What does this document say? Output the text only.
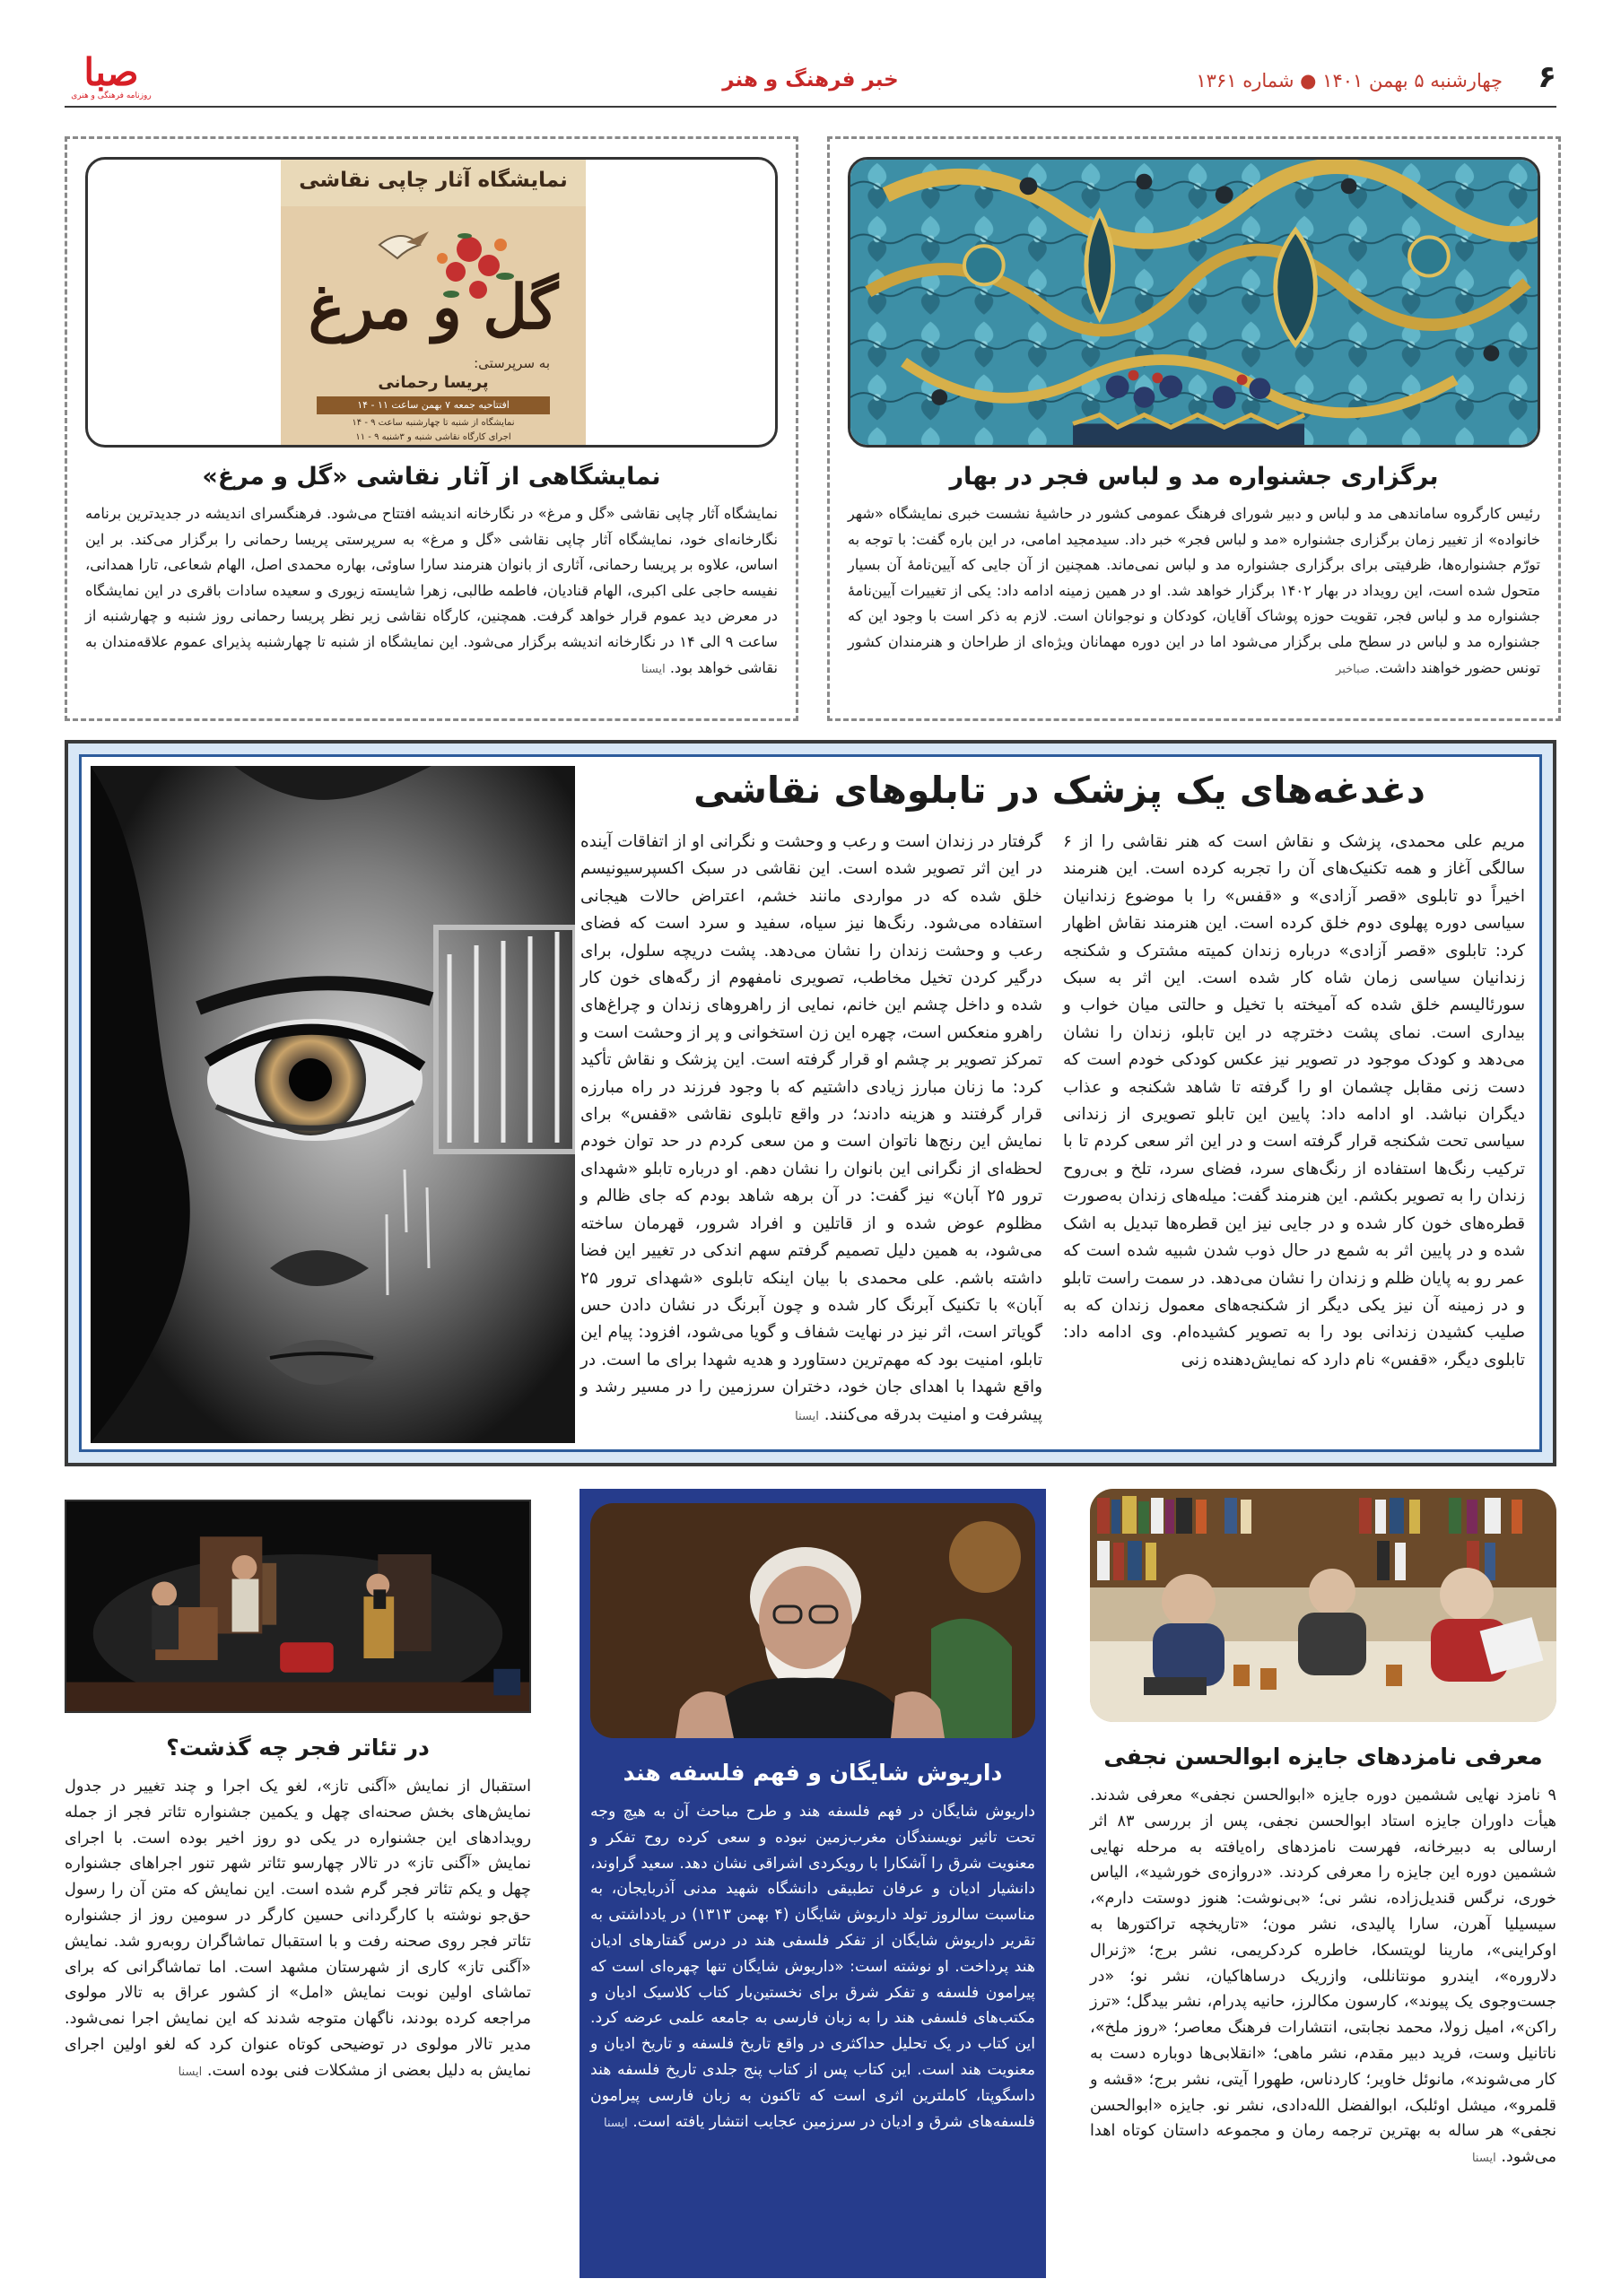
۶
چهارشنبه ۵ بهمن ۱۴۰۱ ● شماره ۱۳۶۱
خبر فرهنگ و هنر
صبا
روزنامه فرهنگی و هنری
برگزاری جشنواره مد و لباس فجر در بهار
رئیس کارگروه ساماندهی مد و لباس و دبیر شورای فرهنگ عمومی کشور در حاشیهٔ نشست خبری نمایشگاه «شهر خانواده» از تغییر زمان برگزاری جشنواره «مد و لباس فجر» خبر داد. سیدمجید امامی، در این باره گفت: با توجه به تورّم جشنواره‌ها، ظرفیتی برای برگزاری جشنواره مد و لباس نمی‌ماند. همچنین از آن جایی که آیین‌نامهٔ آن بسیار متحول شده است، این رویداد در بهار ۱۴۰۲ برگزار خواهد شد. او در همین زمینه ادامه داد: یکی از تغییرات آیین‌نامهٔ جشنواره مد و لباس فجر، تقویت حوزه پوشاک آقایان، کودکان و نوجوانان است. لازم به ذکر است با وجود این که جشنواره مد و لباس در سطح ملی برگزار می‌شود اما در این دوره مهمانان ویژه‌ای از طراحان و هنرمندان کشور تونس حضور خواهند داشت. صباخبر
نمایشگاه آثار چاپی نقاشی
گل و مرغ
به سرپرستی:
پریسا رحمانی
افتتاحیه جمعه ۷ بهمن ساعت ۱۱ - ۱۴
نمایشگاه از شنبه تا چهارشنبه ساعت ۹ - ۱۴
اجرای کارگاه نقاشی شنبه و ۳شنبه ۹ - ۱۱
نمایشگاهی از آثار نقاشی «گل و مرغ»
نمایشگاه آثار چاپی نقاشی «گل و مرغ» در نگارخانه اندیشه افتتاح می‌شود. فرهنگسرای اندیشه در جدیدترین برنامه نگارخانه‌ای خود، نمایشگاه آثار چاپی نقاشی «گل و مرغ» به سرپرستی پریسا رحمانی را برگزار می‌کند. بر این اساس، علاوه بر پریسا رحمانی، آثاری از بانوان هنرمند سارا ساوئی، بهاره محمدی اصل، الهام شعاعی، تارا همدانی، نفیسه حاجی علی اکبری، الهام قنادیان، فاطمه طالبی، زهرا شایسته زیوری و سعیده سادات باقری در این نمایشگاه در معرض دید عموم قرار خواهد گرفت. همچنین، کارگاه نقاشی زیر نظر پریسا رحمانی روز شنبه و چهارشنبه از ساعت ۹ الی ۱۴ در نگارخانه اندیشه برگزار می‌شود. این نمایشگاه از شنبه تا چهارشنبه پذیرای عموم علاقه‌مندان به نقاشی خواهد بود. ایسنا
دغدغه‌های یک پزشک در تابلوهای نقاشی
مریم علی محمدی، پزشک و نقاش است که هنر نقاشی را از ۶ سالگی آغاز و همه تکنیک‌های آن را تجربه کرده است. این هنرمند اخیراً دو تابلوی «قصر آزادی» و «قفس» را با موضوع زندانیان سیاسی دوره پهلوی دوم خلق کرده است. این هنرمند نقاش اظهار کرد: تابلوی «قصر آزادی» درباره زندان کمیته مشترک و شکنجه زندانیان سیاسی زمان شاه کار شده است. این اثر به سبک سورئالیسم خلق شده که آمیخته با تخیل و حالتی میان خواب و بیداری است. نمای پشت دخترچه در این تابلو، زندان را نشان می‌دهد و کودک موجود در تصویر نیز عکس کودکی خودم است که دست زنی مقابل چشمان او را گرفته تا شاهد شکنجه و عذاب دیگران نباشد. او ادامه داد: پایین این تابلو تصویری از زندانی سیاسی تحت شکنجه قرار گرفته است و در این اثر سعی کردم تا با ترکیب رنگ‌ها استفاده از رنگ‌های سرد، فضای سرد، تلخ و بی‌روح زندان را به تصویر بکشم. این هنرمند گفت: میله‌های زندان به‌صورت قطره‌های خون کار شده و در جایی نیز این قطره‌ها تبدیل به اشک شده و در پایین اثر به شمع در حال ذوب شدن شبیه شده است که عمر رو به پایان ظلم و زندان را نشان می‌دهد. در سمت راست تابلو و در زمینه آن نیز یکی دیگر از شکنجه‌های معمول زندان که به صلیب کشیدن زندانی بود را به تصویر کشیده‌ام. وی ادامه داد: تابلوی دیگر، «قفس» نام دارد که نمایش‌دهنده زنی
گرفتار در زندان است و رعب و وحشت و نگرانی او از اتفاقات آینده در این اثر تصویر شده است. این نقاشی در سبک اکسپرسیونیسم خلق شده که در مواردی مانند خشم، اعتراض حالات هیجانی استفاده می‌شود. رنگ‌ها نیز سیاه، سفید و سرد است که فضای رعب و وحشت زندان را نشان می‌دهد. پشت دریچه سلول، برای درگیر کردن تخیل مخاطب، تصویری نامفهوم از رگه‌های خون کار شده و داخل چشم این خانم، نمایی از راهروهای زندان و چراغ‌های راهرو منعکس است، چهره این زن استخوانی و پر از وحشت است و تمرکز تصویر بر چشم او قرار گرفته است. این پزشک و نقاش تأکید کرد: ما زنان مبارز زیادی داشتیم که با وجود فرزند در راه مبارزه قرار گرفتند و هزینه دادند؛ در واقع تابلوی نقاشی «قفس» برای نمایش این رنج‌ها ناتوان است و من سعی کردم در حد توان خودم لحظه‌ای از نگرانی این بانوان را نشان دهم. او درباره تابلو «شهدای ترور ۲۵ آبان» نیز گفت: در آن برهه شاهد بودم که جای ظالم و مظلوم عوض شده و از قاتلین و افراد شرور، قهرمان ساخته می‌شود، به همین دلیل تصمیم گرفتم سهم اندکی در تغییر این فضا داشته باشم. علی محمدی با بیان اینکه تابلوی «شهدای ترور ۲۵ آبان» با تکنیک آبرنگ کار شده و چون آبرنگ در نشان دادن حس گویاتر است، اثر نیز در نهایت شفاف و گویا می‌شود، افزود: پیام این تابلو، امنیت بود که مهم‌ترین دستاورد و هدیه شهدا برای ما است. در واقع شهدا با اهدای جان خود، دختران سرزمین را در مسیر رشد و پیشرفت و امنیت بدرقه می‌کنند. ایسنا
معرفی نامزدهای جایزه ابوالحسن نجفی
۹ نامزد نهایی ششمین دوره جایزه «ابوالحسن نجفی» معرفی شدند. هیأت داوران جایزه استاد ابوالحسن نجفی، پس از بررسی ۸۳ اثر ارسالی به دبیرخانه، فهرست نامزدهای راه‌یافته به مرحله نهایی ششمین دوره این جایزه را معرفی کردند. «دروازه‌ی خورشید»، الیاس خوری، نرگس قندیل‌زاده، نشر نی؛ «بی‌نوشت: هنوز دوستت دارم»، سیسیلیا آهرن، سارا پالیدی، نشر مون؛ «تاریخچه تراکتورها به اوکراینی»، مارینا لویتسکا، خاطره کردکریمی، نشر برج؛ «ژنرال دلاروره»، ایندرو مونتانللی، وازریک درساهاکیان، نشر نو؛ «در جست‌وجوی یک پیوند»، کارسون مکالرز، حانیه پدرام، نشر بیدگل؛ «ترز راکن»، امیل زولا، محمد نجابتی، انتشارات فرهنگ معاصر؛ «روز ملخ»، ناتانیل وست، فرید دبیر مقدم، نشر ماهی؛ «انقلابی‌ها دوباره دست به کار می‌شوند»، مانوئل خاویر؛ کاردناس، طهورا آیتی، نشر برج؛ «قشه و قلمرو»، میشل اوئلبک، ابوالفضل الله‌دادی، نشر نو. جایزه «ابوالحسن نجفی» هر ساله به بهترین ترجمه رمان و مجموعه داستان کوتاه اهدا می‌شود. ایسنا
داریوش شایگان و فهم فلسفه هند
داریوش شایگان در فهم فلسفه هند و طرح مباحث آن به هیچ وجه تحت تاثیر نویسندگان مغرب‌زمین نبوده و سعی کرده روح تفکر و معنویت شرق را آشکارا با رویکردی اشراقی نشان دهد. سعید گراوند، دانشیار ادیان و عرفان تطبیقی دانشگاه شهید مدنی آذربایجان، به مناسبت سالروز تولد داریوش شایگان (۴ بهمن ۱۳۱۳) در یادداشتی به تقریر داریوش شایگان از تفکر فلسفی هند در درس گفتارهای ادیان هند پرداخت. او نوشته است: «داریوش شایگان تنها چهره‌ای است که پیرامون فلسفه و تفکر شرق برای نخستین‌بار کتاب کلاسیک ادیان و مکتب‌های فلسفی هند را به زبان فارسی به جامعه علمی عرضه کرد. این کتاب در یک تحلیل حداکثری در واقع تاریخ فلسفه و تاریخ ادیان و معنویت هند است. این کتاب پس از کتاب پنج جلدی تاریخ فلسفه هند داسگوپتا، کاملترین اثری است که تاکنون به زبان فارسی پیرامون فلسفه‌های شرق و ادیان در سرزمین عجایب انتشار یافته است. ایسنا
در تئاتر فجر چه گذشت؟
استقبال از نمایش «آگنی تاز»، لغو یک اجرا و چند تغییر در جدول نمایش‌های بخش صحنه‌ای چهل و یکمین جشنواره تئاتر فجر از جمله رویدادهای این جشنواره در یکی دو روز اخیر بوده است. با اجرای نمایش «آگنی تاز» در تالار چهارسو تئاتر شهر تنور اجراهای جشنواره چهل و یکم تئاتر فجر گرم شده است. این نمایش که متن آن را رسول حق‌جو نوشته با کارگردانی حسین کارگر در سومین روز از جشنواره تئاتر فجر روی صحنه رفت و با استقبال تماشاگران روبه‌رو شد. نمایش «آگنی تاز» کاری از شهرستان مشهد است. اما تماشاگرانی که برای تماشای اولین نوبت نمایش «امل» از کشور عراق به تالار مولوی مراجعه کرده بودند، ناگهان متوجه شدند که این نمایش اجرا نمی‌شود. مدیر تالار مولوی در توضیحی کوتاه عنوان کرد که لغو اولین اجرای نمایش به دلیل بعضی از مشکلات فنی بوده است. ایسنا
